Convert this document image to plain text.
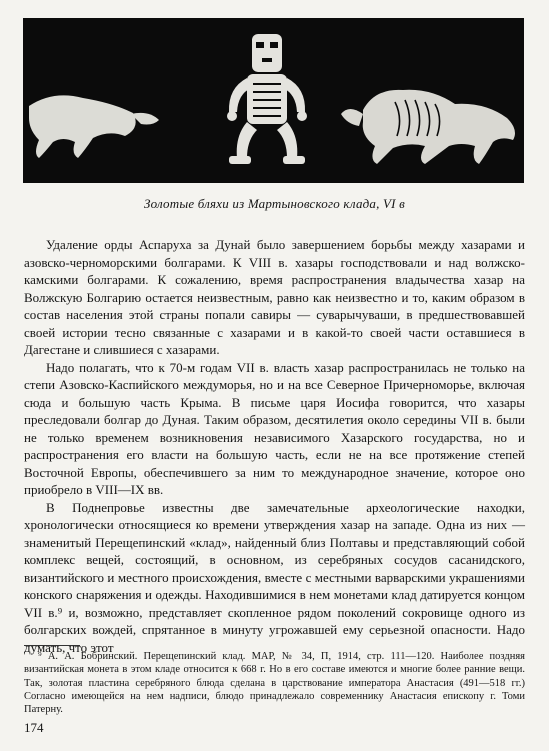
Золотые бляхи из Мартыновского клада, VI в

Удаление орды Аспаруха за Дунай было завершением борьбы между хазарами и азовско-черноморскими болгарами. К VIII в. хазары господствовали и над волжско-камскими болгарами. К сожалению, время распространения владычества хазар на Волжскую Болгарию остается неизвестным, равно как неизвестно и то, каким образом в состав населения этой страны попали савиры — суварычуваши, в предшествовавшей своей истории тесно связанные с хазарами и в какой-то своей части оставшиеся в Дагестане и слившиеся с хазарами.

Надо полагать, что к 70-м годам VII в. власть хазар распространилась не только на степи Азовско-Каспийского междуморья, но и на все Северное Причерноморье, включая сюда и большую часть Крыма. В письме царя Иосифа говорится, что хазары преследовали болгар до Дуная. Таким образом, десятилетия около середины VII в. были не только временем возникновения независимого Хазарского государства, но и распространения его власти на большую часть, если не на все протяжение степей Восточной Европы, обеспечившего за ним то международное значение, которое оно приобрело в VIII—IX вв.

В Поднепровье известны две замечательные археологические находки, хронологически относящиеся ко времени утверждения хазар на западе. Одна из них — знаменитый Перещепинский «клад», найденный близ Полтавы и представляющий собой комплекс вещей, состоящий, в основном, из серебряных сосудов сасанидского, византийского и местного происхождения, вместе с местными варварскими украшениями конского снаряжения и одежды. Находившимися в нем монетами клад датируется концом VII в.⁹ и, возможно, представляет скопленное рядом поколений сокровище одного из болгарских вождей, спрятанное в минуту угрожавшей ему серьезной опасности. Надо думать, что этот

⁹ А. А. Бобринский. Перещепинский клад. МАР, № 34, П, 1914, стр. 111—120. Наиболее поздняя византийская монета в этом кладе относится к 668 г. Но в его составе имеются и многие более ранние вещи. Так, золотая пластина серебряного блюда сделана в царствование императора Анастасия (491—518 гг.) Согласно имеющейся на нем надписи, блюдо принадлежало современнику Анастасия епископу г. Томи Патерну.

174
